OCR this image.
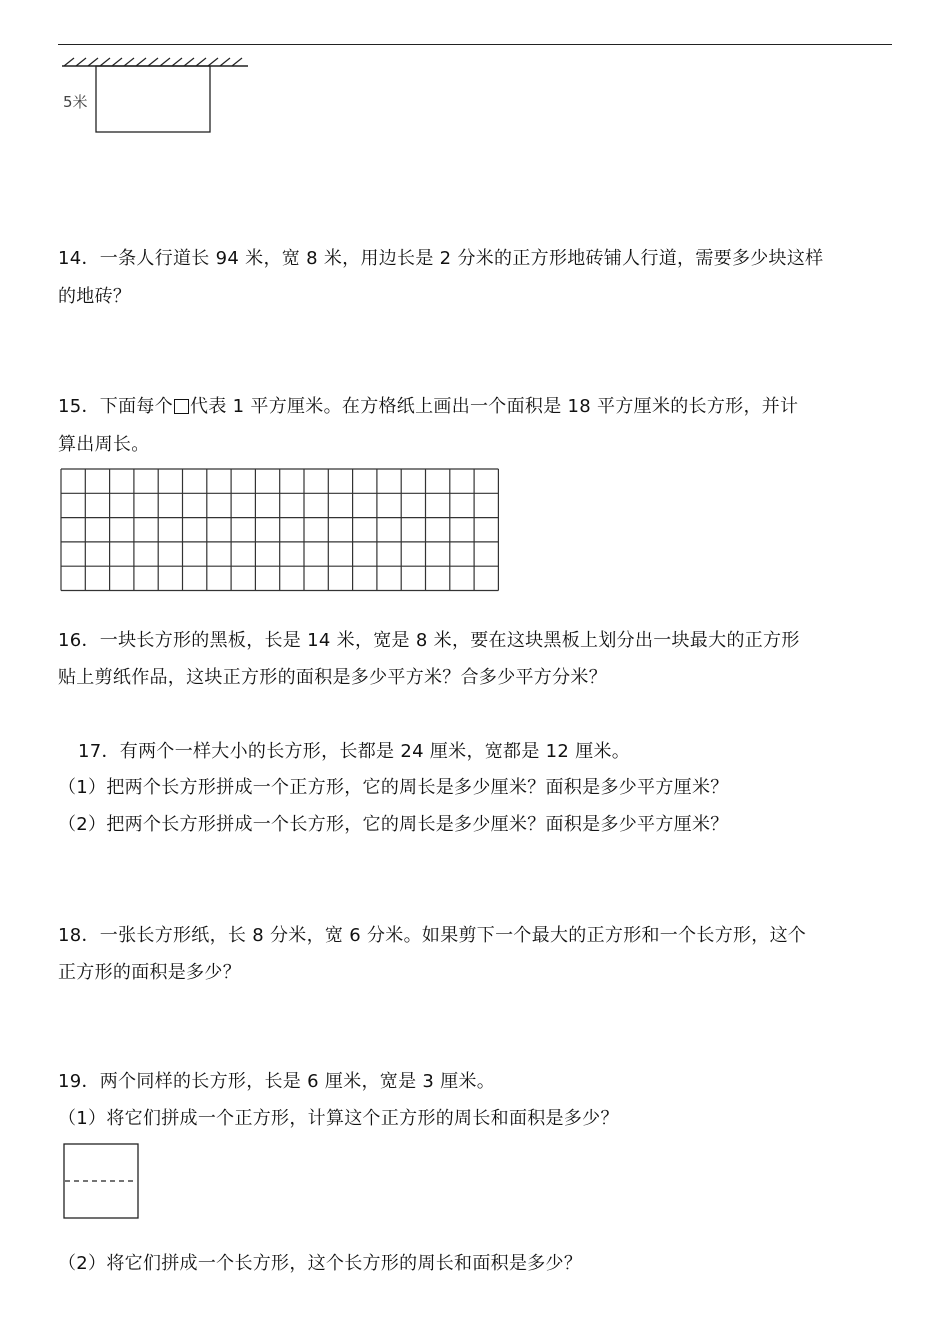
5米
14．一条人行道长 94 米，宽 8 米，用边长是 2 分米的正方形地砖铺人行道，需要多少块这样
的地砖？
15．下面每个 代表 1 平方厘米。在方格纸上画出一个面积是 18 平方厘米的长方形，并计
算出周长。
16．一块长方形的黑板，长是 14 米，宽是 8 米，要在这块黑板上划分出一块最大的正方形
贴上剪纸作品，这块正方形的面积是多少平方米？合多少平方分米？
17．有两个一样大小的长方形，长都是 24 厘米，宽都是 12 厘米。
（1）把两个长方形拼成一个正方形，它的周长是多少厘米？面积是多少平方厘米？
（2）把两个长方形拼成一个长方形，它的周长是多少厘米？面积是多少平方厘米？
18．一张长方形纸，长 8 分米，宽 6 分米。如果剪下一个最大的正方形和一个长方形，这个
正方形的面积是多少？
19．两个同样的长方形，长是 6 厘米，宽是 3 厘米。
（1）将它们拼成一个正方形，计算这个正方形的周长和面积是多少？
（2）将它们拼成一个长方形，这个长方形的周长和面积是多少？
